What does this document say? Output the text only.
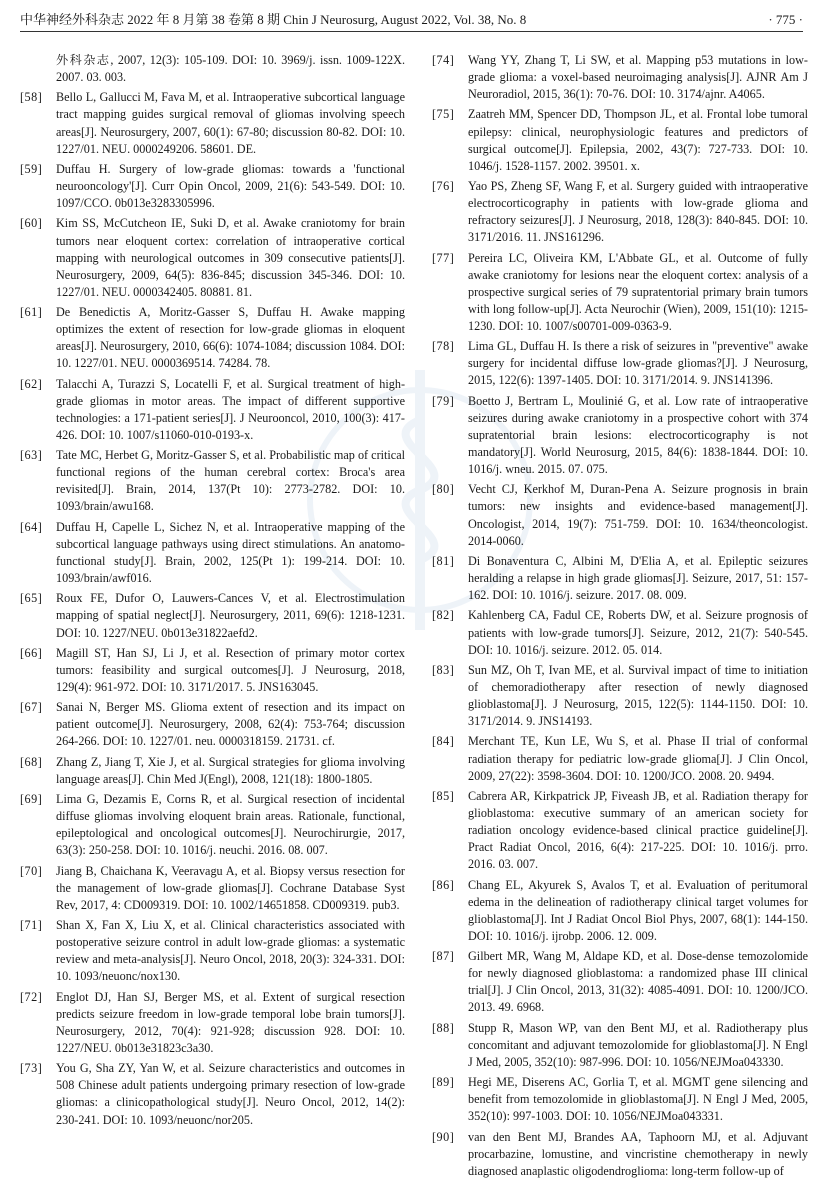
中华神经外科杂志 2022 年 8 月第 38 卷第 8 期 Chin J Neurosurg, August 2022, Vol. 38, No. 8	· 775 ·
外科杂志, 2007, 12(3): 105-109. DOI: 10. 3969/j. issn. 1009-122X. 2007. 03. 003.
[58]	Bello L, Gallucci M, Fava M, et al. Intraoperative subcortical language tract mapping guides surgical removal of gliomas involving speech areas[J]. Neurosurgery, 2007, 60(1): 67-80; discussion 80-82. DOI: 10. 1227/01. NEU. 0000249206. 58601. DE.
[59]	Duffau H. Surgery of low-grade gliomas: towards a 'functional neurooncology'[J]. Curr Opin Oncol, 2009, 21(6): 543-549. DOI: 10. 1097/CCO. 0b013e3283305996.
[60]	Kim SS, McCutcheon IE, Suki D, et al. Awake craniotomy for brain tumors near eloquent cortex: correlation of intraoperative cortical mapping with neurological outcomes in 309 consecutive patients[J]. Neurosurgery, 2009, 64(5): 836-845; discussion 345-346. DOI: 10. 1227/01. NEU. 0000342405. 80881. 81.
[61]	De Benedictis A, Moritz-Gasser S, Duffau H. Awake mapping optimizes the extent of resection for low-grade gliomas in eloquent areas[J]. Neurosurgery, 2010, 66(6): 1074-1084; discussion 1084. DOI: 10. 1227/01. NEU. 0000369514. 74284. 78.
[62]	Talacchi A, Turazzi S, Locatelli F, et al. Surgical treatment of high-grade gliomas in motor areas. The impact of different supportive technologies: a 171-patient series[J]. J Neurooncol, 2010, 100(3): 417-426. DOI: 10. 1007/s11060-010-0193-x.
[63]	Tate MC, Herbet G, Moritz-Gasser S, et al. Probabilistic map of critical functional regions of the human cerebral cortex: Broca's area revisited[J]. Brain, 2014, 137(Pt 10): 2773-2782. DOI: 10. 1093/brain/awu168.
[64]	Duffau H, Capelle L, Sichez N, et al. Intraoperative mapping of the subcortical language pathways using direct stimulations. An anatomo-functional study[J]. Brain, 2002, 125(Pt 1): 199-214. DOI: 10. 1093/brain/awf016.
[65]	Roux FE, Dufor O, Lauwers-Cances V, et al. Electrostimulation mapping of spatial neglect[J]. Neurosurgery, 2011, 69(6): 1218-1231. DOI: 10. 1227/NEU. 0b013e31822aefd2.
[66]	Magill ST, Han SJ, Li J, et al. Resection of primary motor cortex tumors: feasibility and surgical outcomes[J]. J Neurosurg, 2018, 129(4): 961-972. DOI: 10. 3171/2017. 5. JNS163045.
[67]	Sanai N, Berger MS. Glioma extent of resection and its impact on patient outcome[J]. Neurosurgery, 2008, 62(4): 753-764; discussion 264-266. DOI: 10. 1227/01. neu. 0000318159. 21731. cf.
[68]	Zhang Z, Jiang T, Xie J, et al. Surgical strategies for glioma involving language areas[J]. Chin Med J(Engl), 2008, 121(18): 1800-1805.
[69]	Lima G, Dezamis E, Corns R, et al. Surgical resection of incidental diffuse gliomas involving eloquent brain areas. Rationale, functional, epileptological and oncological outcomes[J]. Neurochirurgie, 2017, 63(3): 250-258. DOI: 10. 1016/j. neuchi. 2016. 08. 007.
[70]	Jiang B, Chaichana K, Veeravagu A, et al. Biopsy versus resection for the management of low-grade gliomas[J]. Cochrane Database Syst Rev, 2017, 4: CD009319. DOI: 10. 1002/14651858. CD009319. pub3.
[71]	Shan X, Fan X, Liu X, et al. Clinical characteristics associated with postoperative seizure control in adult low-grade gliomas: a systematic review and meta-analysis[J]. Neuro Oncol, 2018, 20(3): 324-331. DOI: 10. 1093/neuonc/nox130.
[72]	Englot DJ, Han SJ, Berger MS, et al. Extent of surgical resection predicts seizure freedom in low-grade temporal lobe brain tumors[J]. Neurosurgery, 2012, 70(4): 921-928; discussion 928. DOI: 10. 1227/NEU. 0b013e31823c3a30.
[73]	You G, Sha ZY, Yan W, et al. Seizure characteristics and outcomes in 508 Chinese adult patients undergoing primary resection of low-grade gliomas: a clinicopathological study[J]. Neuro Oncol, 2012, 14(2): 230-241. DOI: 10. 1093/neuonc/nor205.
[74]	Wang YY, Zhang T, Li SW, et al. Mapping p53 mutations in low-grade glioma: a voxel-based neuroimaging analysis[J]. AJNR Am J Neuroradiol, 2015, 36(1): 70-76. DOI: 10. 3174/ajnr. A4065.
[75]	Zaatreh MM, Spencer DD, Thompson JL, et al. Frontal lobe tumoral epilepsy: clinical, neurophysiologic features and predictors of surgical outcome[J]. Epilepsia, 2002, 43(7): 727-733. DOI: 10. 1046/j. 1528-1157. 2002. 39501. x.
[76]	Yao PS, Zheng SF, Wang F, et al. Surgery guided with intraoperative electrocorticography in patients with low-grade glioma and refractory seizures[J]. J Neurosurg, 2018, 128(3): 840-845. DOI: 10. 3171/2016. 11. JNS161296.
[77]	Pereira LC, Oliveira KM, L'Abbate GL, et al. Outcome of fully awake craniotomy for lesions near the eloquent cortex: analysis of a prospective surgical series of 79 supratentorial primary brain tumors with long follow-up[J]. Acta Neurochir (Wien), 2009, 151(10): 1215-1230. DOI: 10. 1007/s00701-009-0363-9.
[78]	Lima GL, Duffau H. Is there a risk of seizures in "preventive" awake surgery for incidental diffuse low-grade gliomas?[J]. J Neurosurg, 2015, 122(6): 1397-1405. DOI: 10. 3171/2014. 9. JNS141396.
[79]	Boetto J, Bertram L, Moulinié G, et al. Low rate of intraoperative seizures during awake craniotomy in a prospective cohort with 374 supratentorial brain lesions: electrocorticography is not mandatory[J]. World Neurosurg, 2015, 84(6): 1838-1844. DOI: 10. 1016/j. wneu. 2015. 07. 075.
[80]	Vecht CJ, Kerkhof M, Duran-Pena A. Seizure prognosis in brain tumors: new insights and evidence-based management[J]. Oncologist, 2014, 19(7): 751-759. DOI: 10. 1634/theoncologist. 2014-0060.
[81]	Di Bonaventura C, Albini M, D'Elia A, et al. Epileptic seizures heralding a relapse in high grade gliomas[J]. Seizure, 2017, 51: 157-162. DOI: 10. 1016/j. seizure. 2017. 08. 009.
[82]	Kahlenberg CA, Fadul CE, Roberts DW, et al. Seizure prognosis of patients with low-grade tumors[J]. Seizure, 2012, 21(7): 540-545. DOI: 10. 1016/j. seizure. 2012. 05. 014.
[83]	Sun MZ, Oh T, Ivan ME, et al. Survival impact of time to initiation of chemoradiotherapy after resection of newly diagnosed glioblastoma[J]. J Neurosurg, 2015, 122(5): 1144-1150. DOI: 10. 3171/2014. 9. JNS14193.
[84]	Merchant TE, Kun LE, Wu S, et al. Phase II trial of conformal radiation therapy for pediatric low-grade glioma[J]. J Clin Oncol, 2009, 27(22): 3598-3604. DOI: 10. 1200/JCO. 2008. 20. 9494.
[85]	Cabrera AR, Kirkpatrick JP, Fiveash JB, et al. Radiation therapy for glioblastoma: executive summary of an american society for radiation oncology evidence-based clinical practice guideline[J]. Pract Radiat Oncol, 2016, 6(4): 217-225. DOI: 10. 1016/j. prro. 2016. 03. 007.
[86]	Chang EL, Akyurek S, Avalos T, et al. Evaluation of peritumoral edema in the delineation of radiotherapy clinical target volumes for glioblastoma[J]. Int J Radiat Oncol Biol Phys, 2007, 68(1): 144-150. DOI: 10. 1016/j. ijrobp. 2006. 12. 009.
[87]	Gilbert MR, Wang M, Aldape KD, et al. Dose-dense temozolomide for newly diagnosed glioblastoma: a randomized phase III clinical trial[J]. J Clin Oncol, 2013, 31(32): 4085-4091. DOI: 10. 1200/JCO. 2013. 49. 6968.
[88]	Stupp R, Mason WP, van den Bent MJ, et al. Radiotherapy plus concomitant and adjuvant temozolomide for glioblastoma[J]. N Engl J Med, 2005, 352(10): 987-996. DOI: 10. 1056/NEJMoa043330.
[89]	Hegi ME, Diserens AC, Gorlia T, et al. MGMT gene silencing and benefit from temozolomide in glioblastoma[J]. N Engl J Med, 2005, 352(10): 997-1003. DOI: 10. 1056/NEJMoa043331.
[90]	van den Bent MJ, Brandes AA, Taphoorn MJ, et al. Adjuvant procarbazine, lomustine, and vincristine chemotherapy in newly diagnosed anaplastic oligodendroglioma: long-term follow-up of
